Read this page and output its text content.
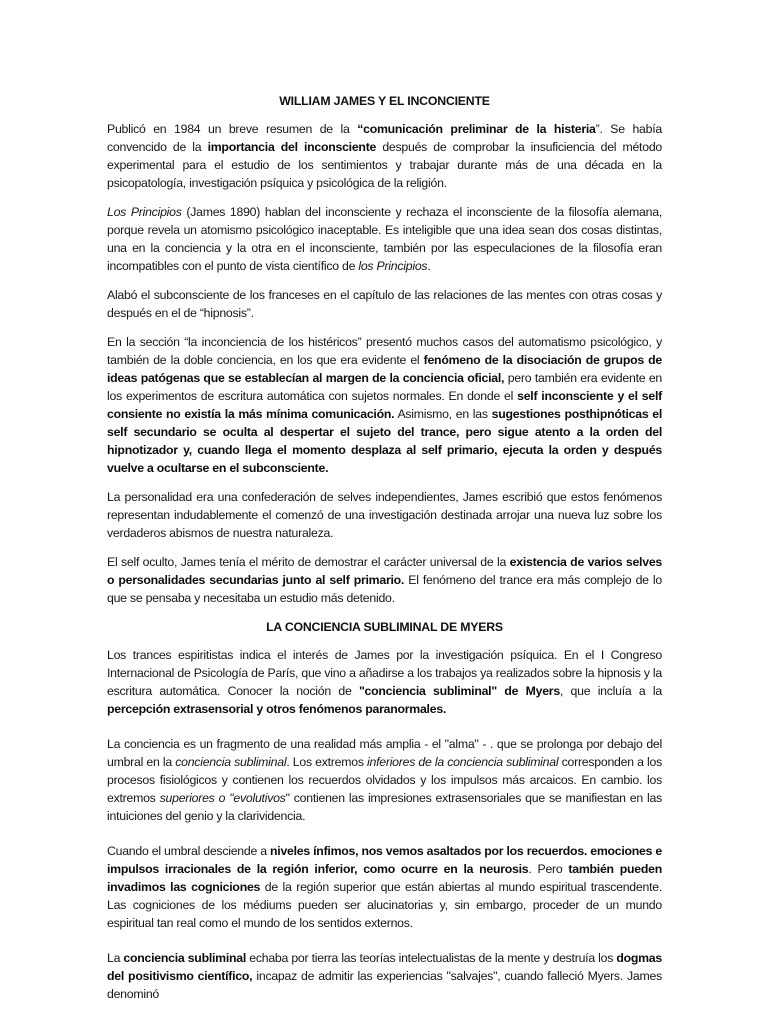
WILLIAM JAMES Y EL INCONCIENTE

Publicó en 1984 un breve resumen de la “comunicación preliminar de la histeria”. Se había convencido de la importancia del inconsciente después de comprobar la insuficiencia del método experimental para el estudio de los sentimientos y trabajar durante más de una década en la psicopatología, investigación psíquica y psicológica de la religión.

Los Principios (James 1890) hablan del inconsciente y rechaza el inconsciente de la filosofía alemana, porque revela un atomismo psicológico inaceptable. Es inteligible que una idea sean dos cosas distintas, una en la conciencia y la otra en el inconsciente, también por las especulaciones de la filosofía eran incompatibles con el punto de vista científico de los Principios.

Alabó el subconsciente de los franceses en el capítulo de las relaciones de las mentes con otras cosas y después en el de “hipnosis”.

En la sección “la inconciencia de los histéricos” presentó muchos casos del automatismo psicológico, y también de la doble conciencia, en los que era evidente el fenómeno de la disociación de grupos de ideas patógenas que se establecían al margen de la conciencia oficial, pero también era evidente en los experimentos de escritura automática con sujetos normales. En donde el self inconsciente y el self consiente no existía la más mínima comunicación. Asimismo, en las sugestiones posthipnóticas el self secundario se oculta al despertar el sujeto del trance, pero sigue atento a la orden del hipnotizador y, cuando llega el momento desplaza al self primario, ejecuta la orden y después vuelve a ocultarse en el subconsciente.

La personalidad era una confederación de selves independientes, James escribió que estos fenómenos representan indudablemente el comenzó de una investigación destinada arrojar una nueva luz sobre los verdaderos abismos de nuestra naturaleza.

El self oculto, James tenía el mérito de demostrar el carácter universal de la existencia de varios selves o personalidades secundarias junto al self primario. El fenómeno del trance era más complejo de lo que se pensaba y necesitaba un estudio más detenido.

LA CONCIENCIA SUBLIMINAL DE MYERS

Los trances espiritistas indica el interés de James por la investigación psíquica. En el I Congreso Internacional de Psicología de París, que vino a añadirse a los trabajos ya realizados sobre la hipnosis y la escritura automática. Conocer la noción de "conciencia subliminal" de Myers, que incluía a la percepción extrasensorial y otros fenómenos paranormales.

La conciencia es un fragmento de una realidad más amplia - el "alma" - . que se prolonga por debajo del umbral en la conciencia subliminal. Los extremos inferiores de la conciencia subliminal corresponden a los procesos fisiológicos y contienen los recuerdos olvidados y los impulsos más arcaicos. En cambio. los extremos superiores o "evolutivos" contienen las impresiones extrasensoriales que se manifiestan en las intuiciones del genio y la clarividencia.

Cuando el umbral desciende a niveles ínfimos, nos vemos asaltados por los recuerdos. emociones e impulsos irracionales de la región inferior, como ocurre en la neurosis. Pero también pueden invadimos las cogniciones de la región superior que están abiertas al mundo espiritual trascendente. Las cogniciones de los médiums pueden ser alucinatorias y, sin embargo, proceder de un mundo espiritual tan real como el mundo de los sentidos externos.

La conciencia subliminal echaba por tierra las teorías intelectualistas de la mente y destruía los dogmas del positivismo científico, incapaz de admitir las experiencias "salvajes", cuando falleció Myers. James denominó
